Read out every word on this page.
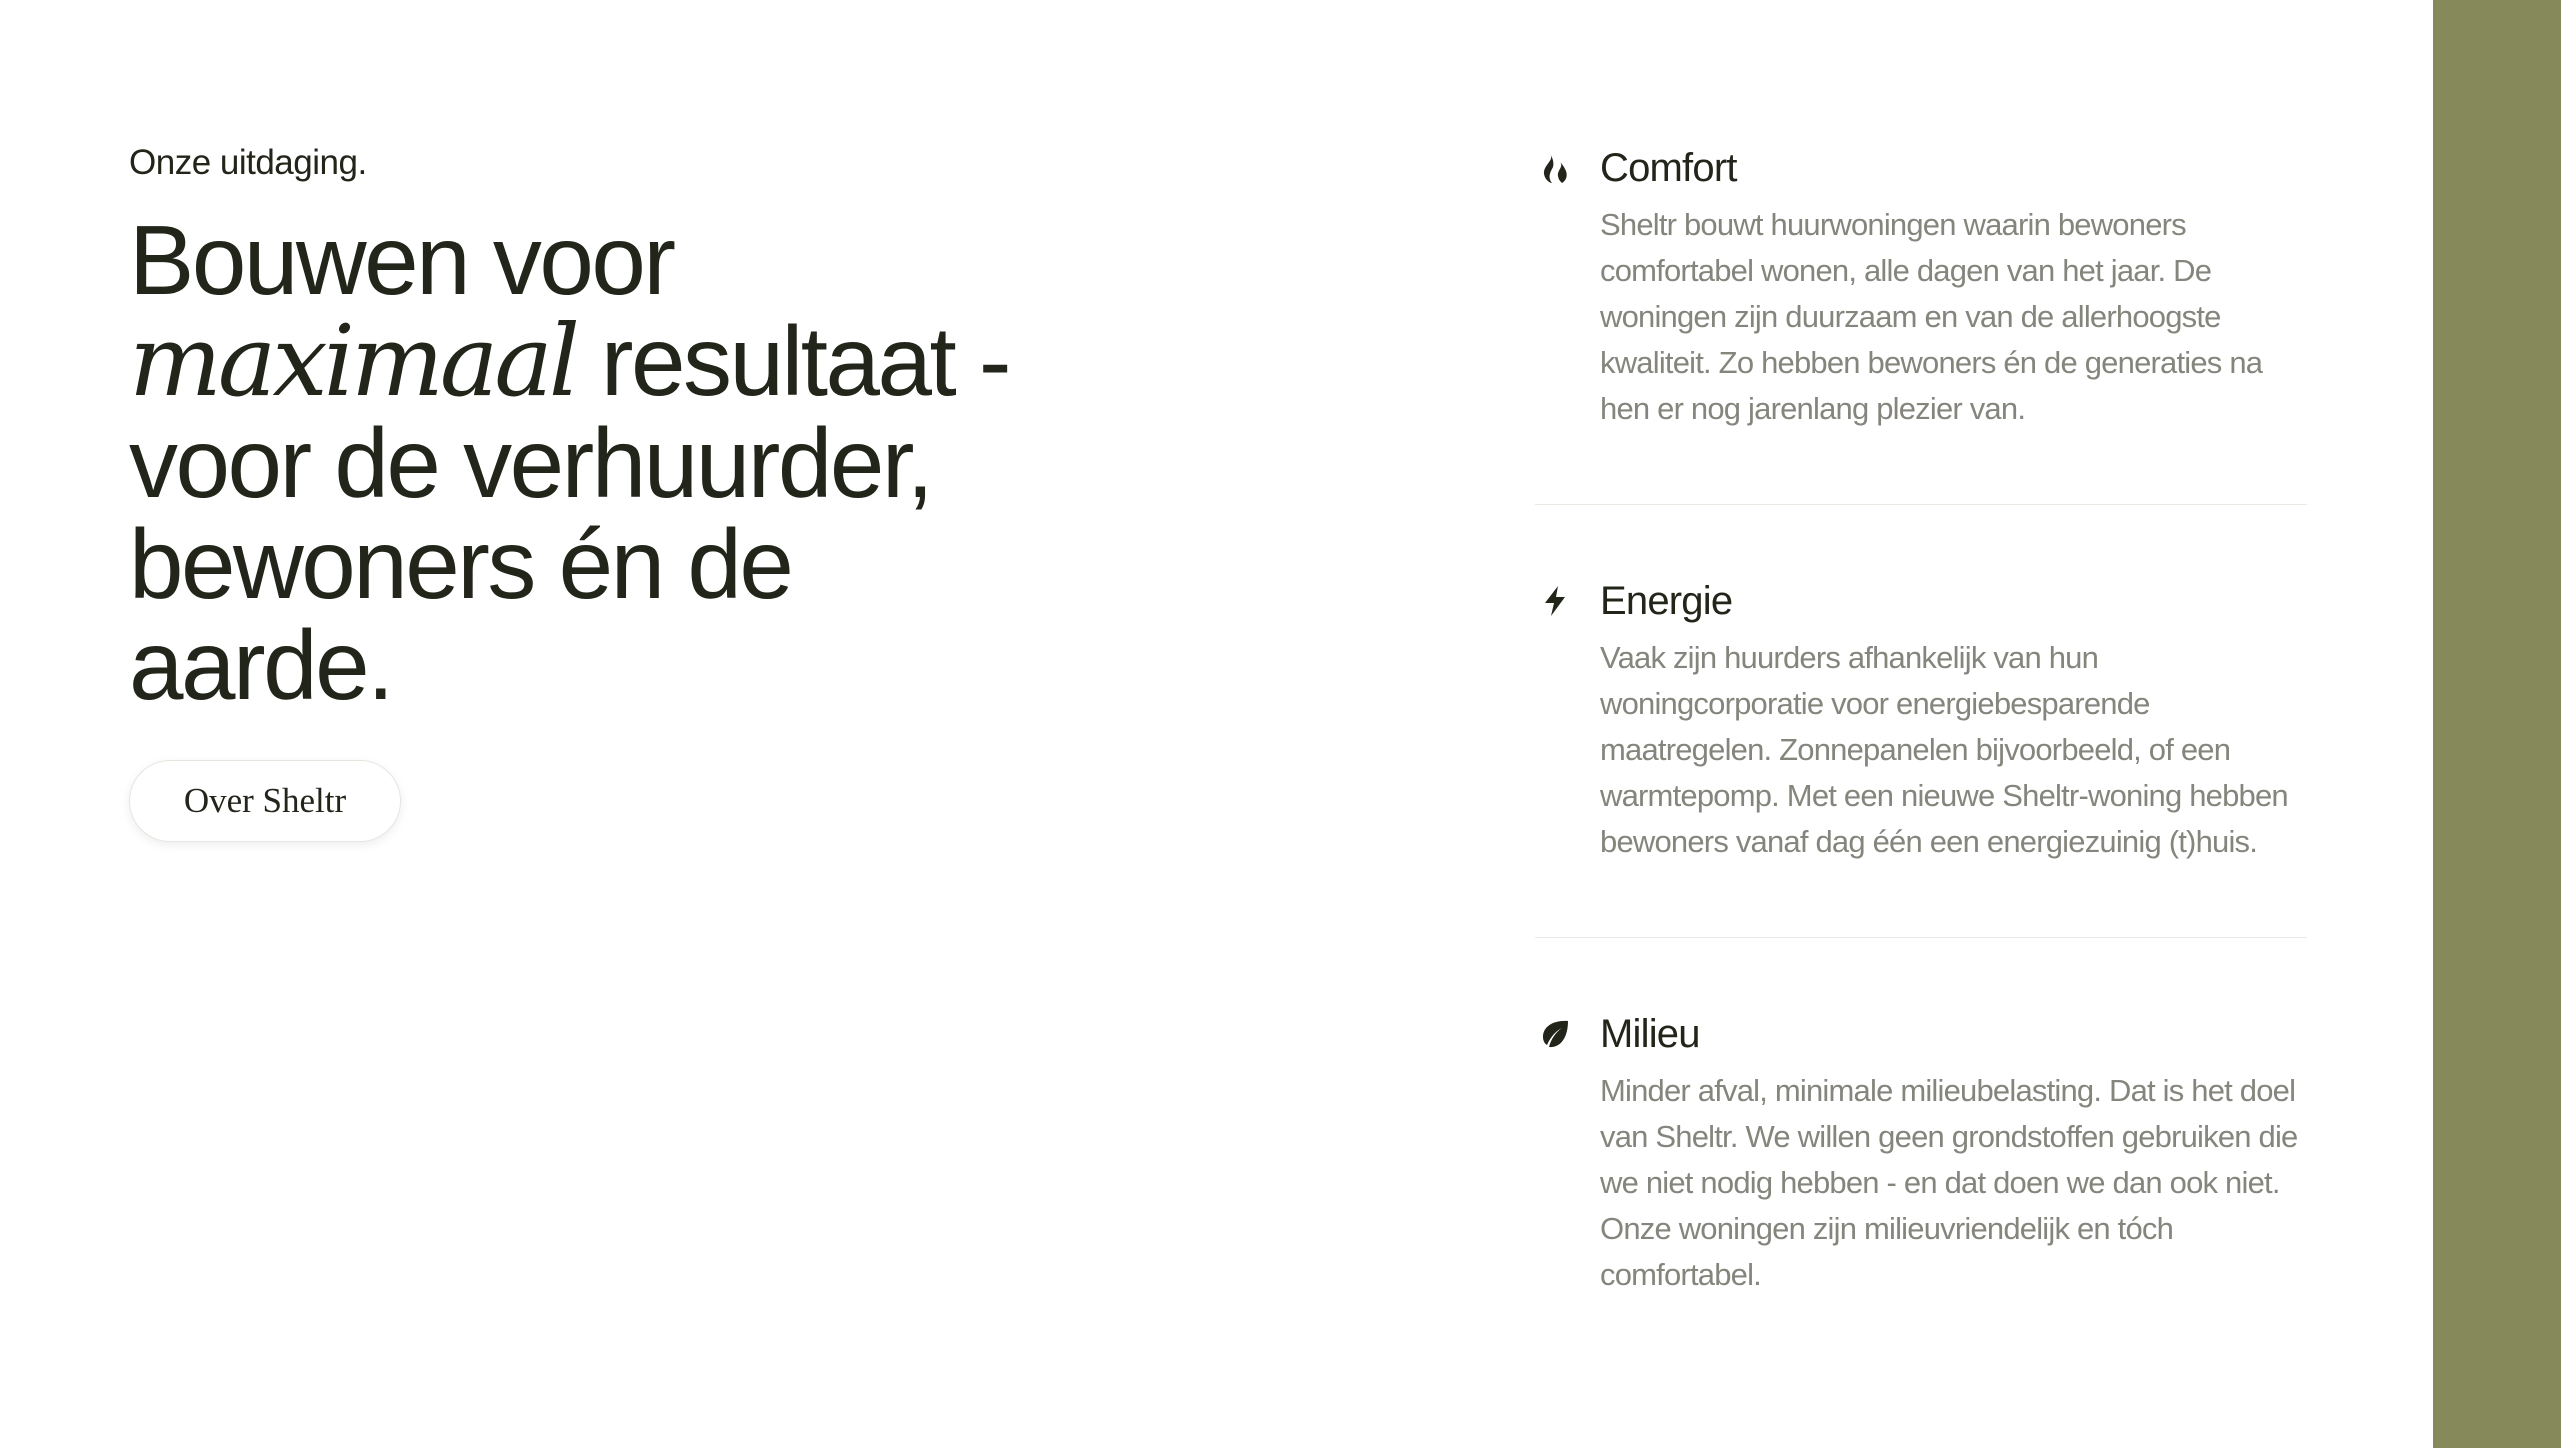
Onze uitdaging.
Bouwen voor
maximaal resultaat -
voor de verhuurder,
bewoners én de
aarde.
Over Sheltr
Comfort
Sheltr bouwt huurwoningen waarin bewoners comfortabel wonen, alle dagen van het jaar. De woningen zijn duurzaam en van de allerhoogste kwaliteit. Zo hebben bewoners én de generaties na hen er nog jarenlang plezier van.
Energie
Vaak zijn huurders afhankelijk van hun woningcorporatie voor energiebesparende maatregelen. Zonnepanelen bijvoorbeeld, of een warmtepomp. Met een nieuwe Sheltr-woning hebben bewoners vanaf dag één een energiezuinig (t)huis.
Milieu
Minder afval, minimale milieubelasting. Dat is het doel van Sheltr. We willen geen grondstoffen gebruiken die we niet nodig hebben - en dat doen we dan ook niet. Onze woningen zijn milieuvriendelijk en tóch comfortabel.
